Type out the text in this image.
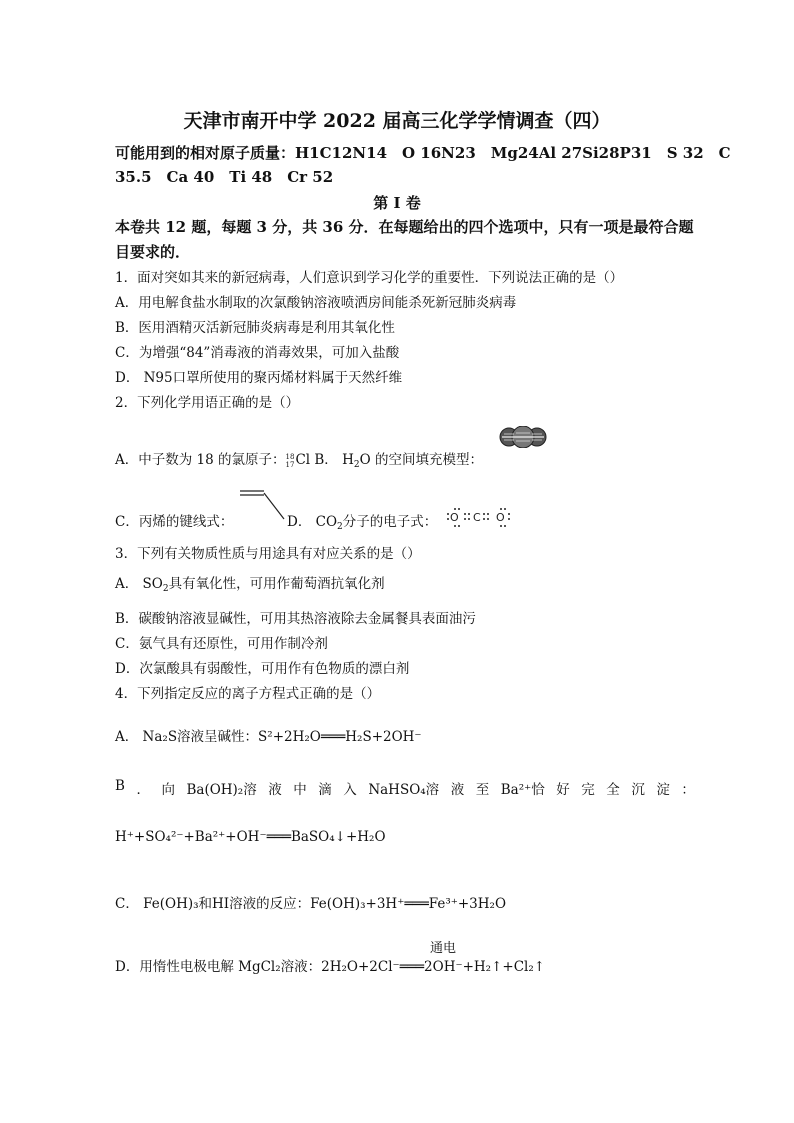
天津市南开中学 2022 届高三化学学情调查（四）
可能用到的相对原子质量：H1C12N14　O 16N23　Mg24Al 27Si28P31　S 32　C
35.5　Ca 40　Ti 48　Cr 52
第 I 卷
本卷共 12 题，每题 3 分，共 36 分．在每题给出的四个选项中，只有一项是最符合题
目要求的．
1．面对突如其来的新冠病毒，人们意识到学习化学的重要性．下列说法正确的是（）
A．用电解食盐水制取的次氯酸钠溶液喷洒房间能杀死新冠肺炎病毒
B．医用酒精灭活新冠肺炎病毒是利用其氧化性
C．为增强“84”消毒液的消毒效果，可加入盐酸
D． N95口罩所使用的聚丙烯材料属于天然纤维
2．下列化学用语正确的是（）
A．中子数为 18 的氯原子：18
17Cl B． $H_2O$ 的空间填充模型：
C．丙烯的键线式：	D． $CO_2$分子的电子式： O C O
3．下列有关物质性质与用途具有对应关系的是（）
A． $SO_2$具有氧化性，可用作葡萄酒抗氧化剂
B．碳酸钠溶液显碱性，可用其热溶液除去金属餐具表面油污
C．氨气具有还原性，可用作制冷剂
D．次氯酸具有弱酸性，可用作有色物质的漂白剂
4．下列指定反应的离子方程式正确的是（）
A． Na₂S溶液呈碱性：S²+2H₂O═══H₂S+2OH⁻
B ． 向 Ba(OH)₂溶 液 中 滴 入 NaHSO₄溶 液 至 Ba²⁺恰 好 完 全 沉 淀 ：
H⁺+SO₄²⁻+Ba²⁺+OH⁻═══BaSO₄↓+H₂O
C． Fe(OH)₃和HI溶液的反应：Fe(OH)₃+3H⁺═══Fe³⁺+3H₂O
通电
D．用惰性电极电解 MgCl₂溶液：2H₂O+2Cl⁻═══2OH⁻+H₂↑+Cl₂↑
